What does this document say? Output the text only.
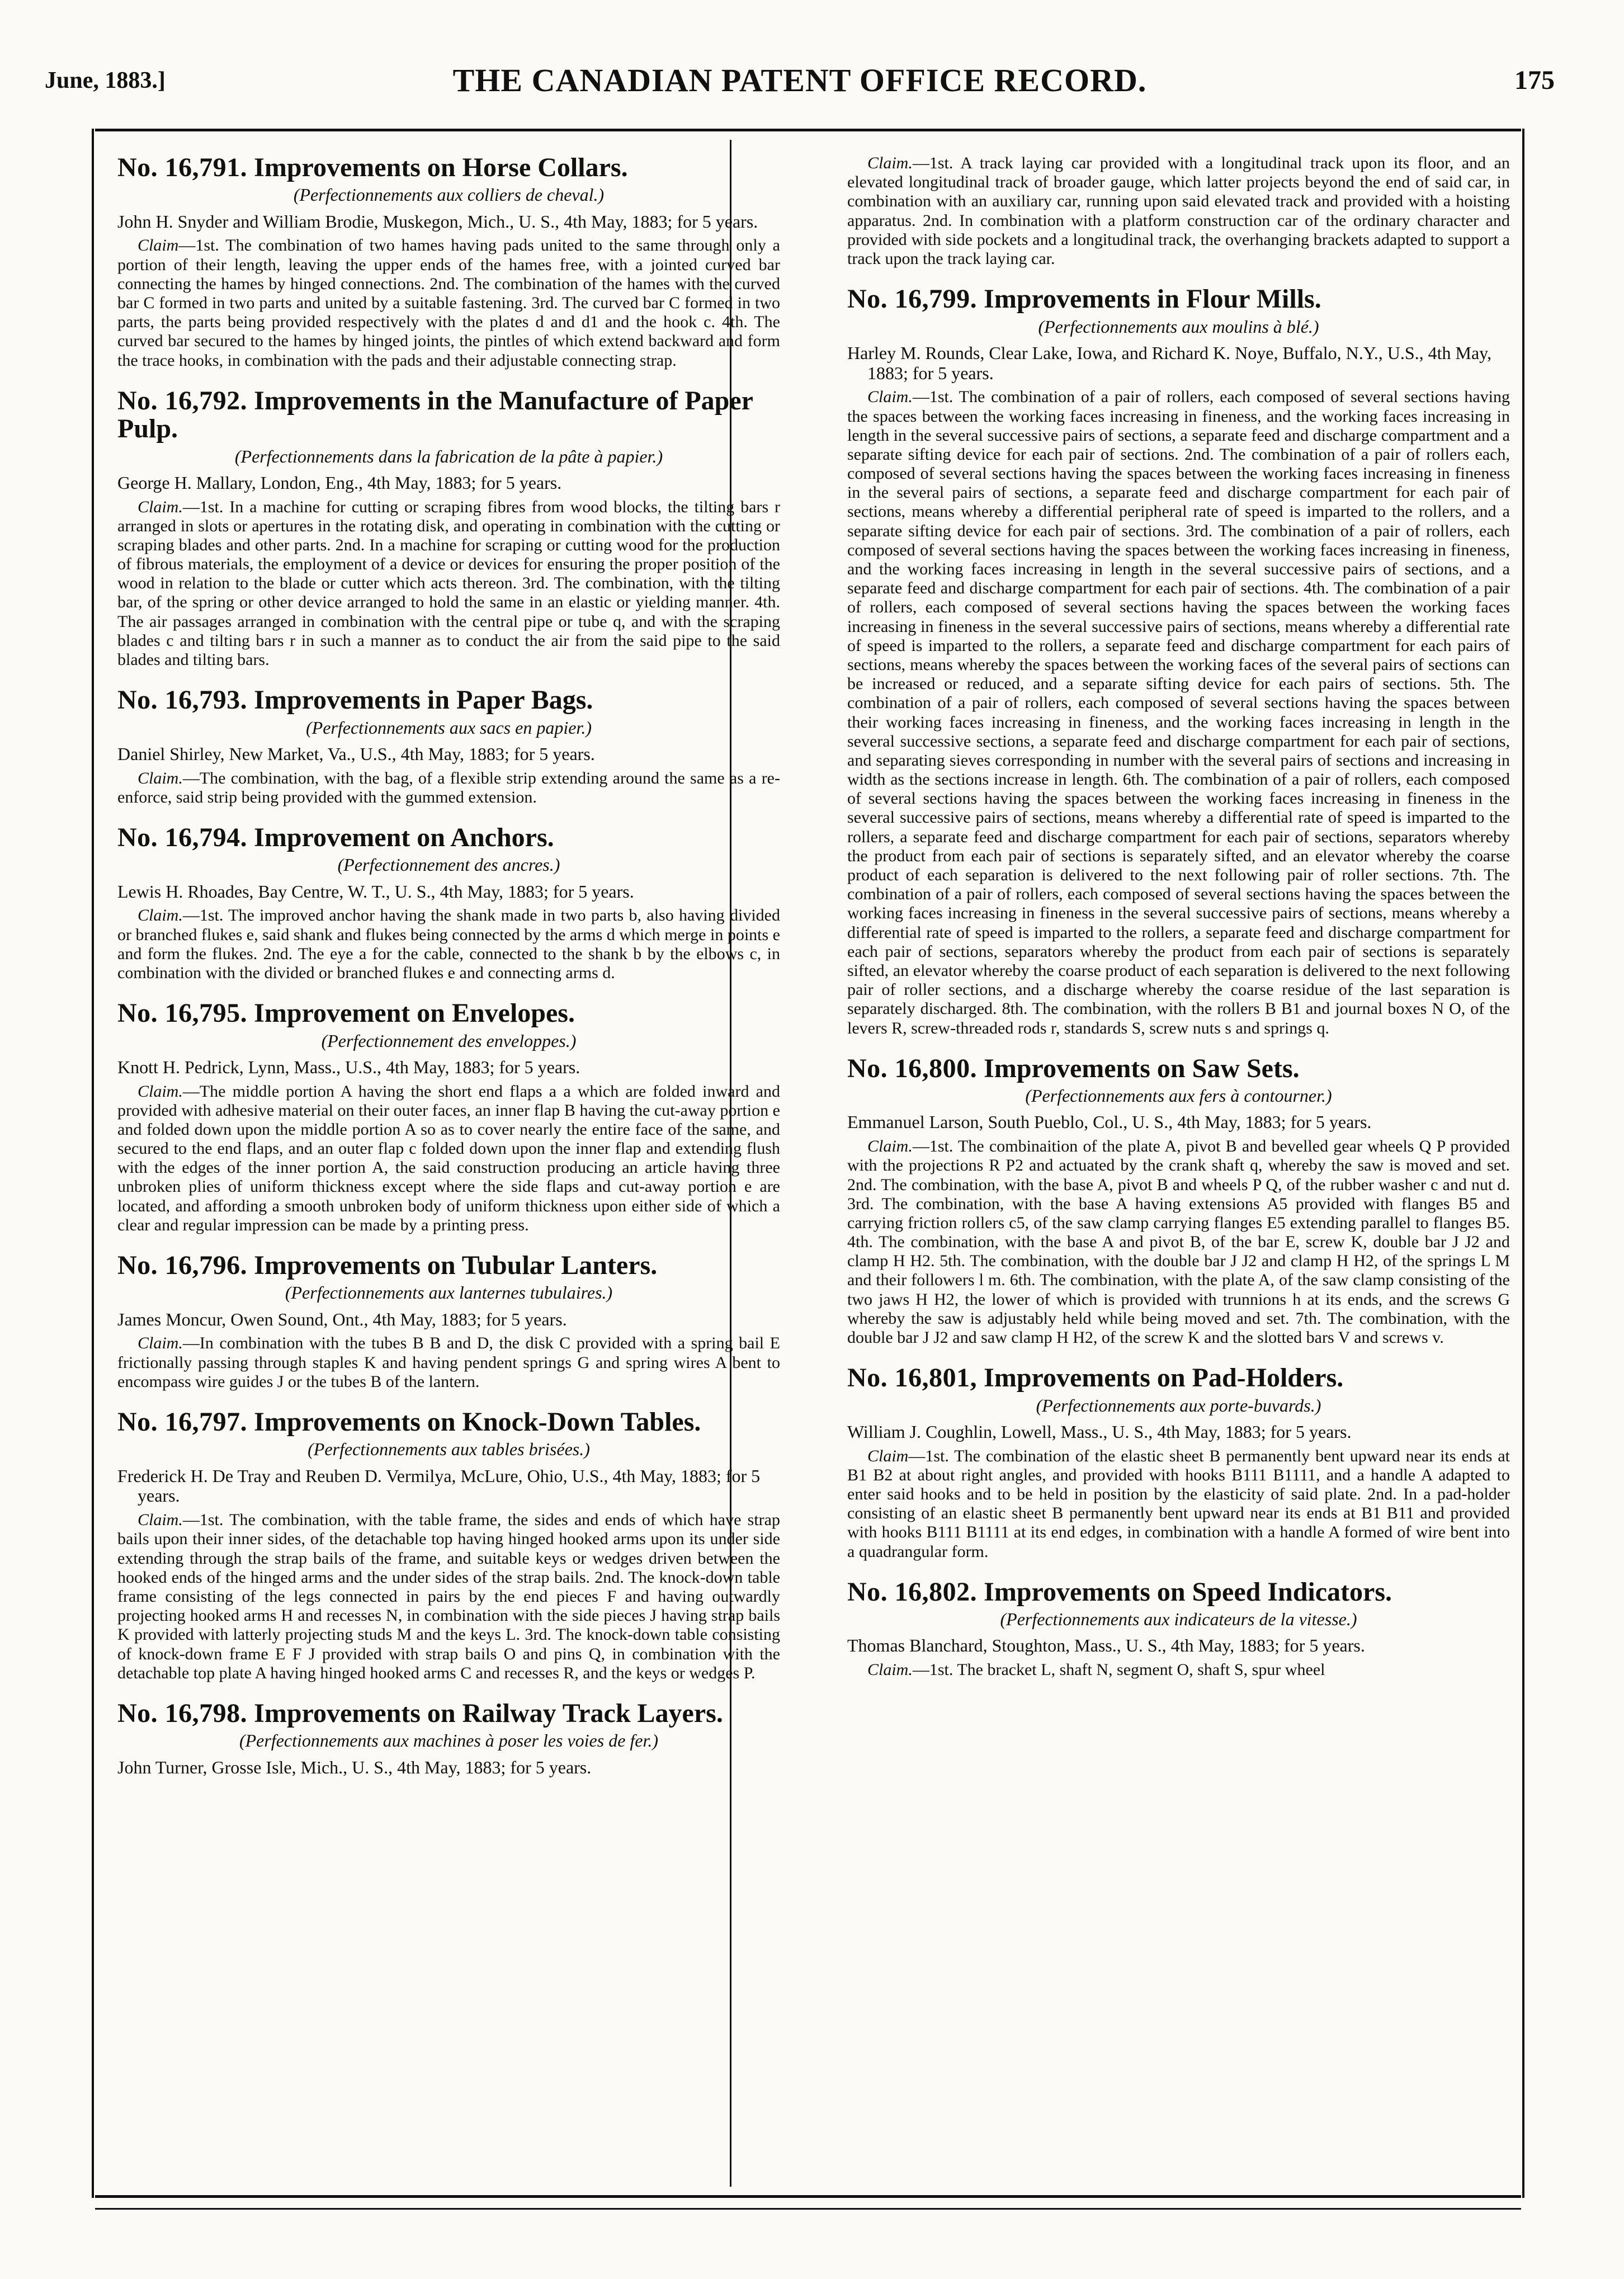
June, 1883.]	THE CANADIAN PATENT OFFICE RECORD.	175
No. 16,791. Improvements on Horse Collars.
(Perfectionnements aux colliers de cheval.)
John H. Snyder and William Brodie, Muskegon, Mich., U. S., 4th May, 1883; for 5 years.
Claim—1st. The combination of two hames having pads united to the same through only a portion of their length, leaving the upper ends of the hames free, with a jointed curved bar connecting the hames by hinged connections. 2nd. The combination of the hames with the curved bar C formed in two parts and united by a suitable fastening. 3rd. The curved bar C formed in two parts, the parts being provided respectively with the plates d and d1 and the hook c. 4th. The curved bar secured to the hames by hinged joints, the pintles of which extend backward and form the trace hooks, in combination with the pads and their adjustable connecting strap.
No. 16,792. Improvements in the Manufacture of Paper Pulp.
(Perfectionnements dans la fabrication de la pâte à papier.)
George H. Mallary, London, Eng., 4th May, 1883; for 5 years.
Claim.—1st. In a machine for cutting or scraping fibres from wood blocks, the tilting bars r arranged in slots or apertures in the rotating disk, and operating in combination with the cutting or scraping blades and other parts. 2nd. In a machine for scraping or cutting wood for the production of fibrous materials, the employment of a device or devices for ensuring the proper position of the wood in relation to the blade or cutter which acts thereon. 3rd. The combination, with the tilting bar, of the spring or other device arranged to hold the same in an elastic or yielding manner. 4th. The air passages arranged in combination with the central pipe or tube q, and with the scraping blades c and tilting bars r in such a manner as to conduct the air from the said pipe to the said blades and tilting bars.
No. 16,793. Improvements in Paper Bags.
(Perfectionnements aux sacs en papier.)
Daniel Shirley, New Market, Va., U.S., 4th May, 1883; for 5 years.
Claim.—The combination, with the bag, of a flexible strip extending around the same as a re-enforce, said strip being provided with the gummed extension.
No. 16,794. Improvement on Anchors.
(Perfectionnement des ancres.)
Lewis H. Rhoades, Bay Centre, W. T., U. S., 4th May, 1883; for 5 years.
Claim.—1st. The improved anchor having the shank made in two parts b, also having divided or branched flukes e, said shank and flukes being connected by the arms d which merge in points e and form the flukes. 2nd. The eye a for the cable, connected to the shank b by the elbows c, in combination with the divided or branched flukes e and connecting arms d.
No. 16,795. Improvement on Envelopes.
(Perfectionnement des enveloppes.)
Knott H. Pedrick, Lynn, Mass., U.S., 4th May, 1883; for 5 years.
Claim.—The middle portion A having the short end flaps a a which are folded inward and provided with adhesive material on their outer faces, an inner flap B having the cut-away portion e and folded down upon the middle portion A so as to cover nearly the entire face of the same, and secured to the end flaps, and an outer flap c folded down upon the inner flap and extending flush with the edges of the inner portion A, the said construction producing an article having three unbroken plies of uniform thickness except where the side flaps and cut-away portion e are located, and affording a smooth unbroken body of uniform thickness upon either side of which a clear and regular impression can be made by a printing press.
No. 16,796. Improvements on Tubular Lanters.
(Perfectionnements aux lanternes tubulaires.)
James Moncur, Owen Sound, Ont., 4th May, 1883; for 5 years.
Claim.—In combination with the tubes B B and D, the disk C provided with a spring bail E frictionally passing through staples K and having pendent springs G and spring wires A bent to encompass wire guides J or the tubes B of the lantern.
No. 16,797. Improvements on Knock-Down Tables.
(Perfectionnements aux tables brisées.)
Frederick H. De Tray and Reuben D. Vermilya, McLure, Ohio, U.S., 4th May, 1883; for 5 years.
Claim.—1st. The combination, with the table frame, the sides and ends of which have strap bails upon their inner sides, of the detachable top having hinged hooked arms upon its under side extending through the strap bails of the frame, and suitable keys or wedges driven between the hooked ends of the hinged arms and the under sides of the strap bails. 2nd. The knock-down table frame consisting of the legs connected in pairs by the end pieces F and having outwardly projecting hooked arms H and recesses N, in combination with the side pieces J having strap bails K provided with latterly projecting studs M and the keys L. 3rd. The knock-down table consisting of knock-down frame E F J provided with strap bails O and pins Q, in combination with the detachable top plate A having hinged hooked arms C and recesses R, and the keys or wedges P.
No. 16,798. Improvements on Railway Track Layers.
(Perfectionnements aux machines à poser les voies de fer.)
John Turner, Grosse Isle, Mich., U. S., 4th May, 1883; for 5 years.
Claim.—1st. A track laying car provided with a longitudinal track upon its floor, and an elevated longitudinal track of broader gauge, which latter projects beyond the end of said car, in combination with an auxiliary car, running upon said elevated track and provided with a hoisting apparatus. 2nd. In combination with a platform construction car of the ordinary character and provided with side pockets and a longitudinal track, the overhanging brackets adapted to support a track upon the track laying car.
No. 16,799. Improvements in Flour Mills.
(Perfectionnements aux moulins à blé.)
Harley M. Rounds, Clear Lake, Iowa, and Richard K. Noye, Buffalo, N.Y., U.S., 4th May, 1883; for 5 years.
Claim.—1st. The combination of a pair of rollers, each composed of several sections having the spaces between the working faces increasing in fineness, and the working faces increasing in length in the several successive pairs of sections, a separate feed and discharge compartment and a separate sifting device for each pair of sections. 2nd. The combination of a pair of rollers each, composed of several sections having the spaces between the working faces increasing in fineness in the several pairs of sections, a separate feed and discharge compartment for each pair of sections, means whereby a differential peripheral rate of speed is imparted to the rollers, and a separate sifting device for each pair of sections. 3rd. The combination of a pair of rollers, each composed of several sections having the spaces between the working faces increasing in fineness, and the working faces increasing in length in the several successive pairs of sections, and a separate feed and discharge compartment for each pair of sections. 4th. The combination of a pair of rollers, each composed of several sections having the spaces between the working faces increasing in fineness in the several successive pairs of sections, means whereby a differential rate of speed is imparted to the rollers, a separate feed and discharge compartment for each pairs of sections, means whereby the spaces between the working faces of the several pairs of sections can be increased or reduced, and a separate sifting device for each pairs of sections. 5th. The combination of a pair of rollers, each composed of several sections having the spaces between their working faces increasing in fineness, and the working faces increasing in length in the several successive sections, a separate feed and discharge compartment for each pair of sections, and separating sieves corresponding in number with the several pairs of sections and increasing in width as the sections increase in length. 6th. The combination of a pair of rollers, each composed of several sections having the spaces between the working faces increasing in fineness in the several successive pairs of sections, means whereby a differential rate of speed is imparted to the rollers, a separate feed and discharge compartment for each pair of sections, separators whereby the product from each pair of sections is separately sifted, and an elevator whereby the coarse product of each separation is delivered to the next following pair of roller sections. 7th. The combination of a pair of rollers, each composed of several sections having the spaces between the working faces increasing in fineness in the several successive pairs of sections, means whereby a differential rate of speed is imparted to the rollers, a separate feed and discharge compartment for each pair of sections, separators whereby the product from each pair of sections is separately sifted, an elevator whereby the coarse product of each separation is delivered to the next following pair of roller sections, and a discharge whereby the coarse residue of the last separation is separately discharged. 8th. The combination, with the rollers B B1 and journal boxes N O, of the levers R, screw-threaded rods r, standards S, screw nuts s and springs q.
No. 16,800. Improvements on Saw Sets.
(Perfectionnements aux fers à contourner.)
Emmanuel Larson, South Pueblo, Col., U. S., 4th May, 1883; for 5 years.
Claim.—1st. The combinaition of the plate A, pivot B and bevelled gear wheels Q P provided with the projections R P2 and actuated by the crank shaft q, whereby the saw is moved and set. 2nd. The combination, with the base A, pivot B and wheels P Q, of the rubber washer c and nut d. 3rd. The combination, with the base A having extensions A5 provided with flanges B5 and carrying friction rollers c5, of the saw clamp carrying flanges E5 extending parallel to flanges B5. 4th. The combination, with the base A and pivot B, of the bar E, screw K, double bar J J2 and clamp H H2. 5th. The combination, with the double bar J J2 and clamp H H2, of the springs L M and their followers l m. 6th. The combination, with the plate A, of the saw clamp consisting of the two jaws H H2, the lower of which is provided with trunnions h at its ends, and the screws G whereby the saw is adjustably held while being moved and set. 7th. The combination, with the double bar J J2 and saw clamp H H2, of the screw K and the slotted bars V and screws v.
No. 16,801, Improvements on Pad-Holders.
(Perfectionnements aux porte-buvards.)
William J. Coughlin, Lowell, Mass., U. S., 4th May, 1883; for 5 years.
Claim—1st. The combination of the elastic sheet B permanently bent upward near its ends at B1 B2 at about right angles, and provided with hooks B111 B1111, and a handle A adapted to enter said hooks and to be held in position by the elasticity of said plate. 2nd. In a pad-holder consisting of an elastic sheet B permanently bent upward near its ends at B1 B11 and provided with hooks B111 B1111 at its end edges, in combination with a handle A formed of wire bent into a quadrangular form.
No. 16,802. Improvements on Speed Indicators.
(Perfectionnements aux indicateurs de la vitesse.)
Thomas Blanchard, Stoughton, Mass., U. S., 4th May, 1883; for 5 years.
Claim.—1st. The bracket L, shaft N, segment O, shaft S, spur wheel
